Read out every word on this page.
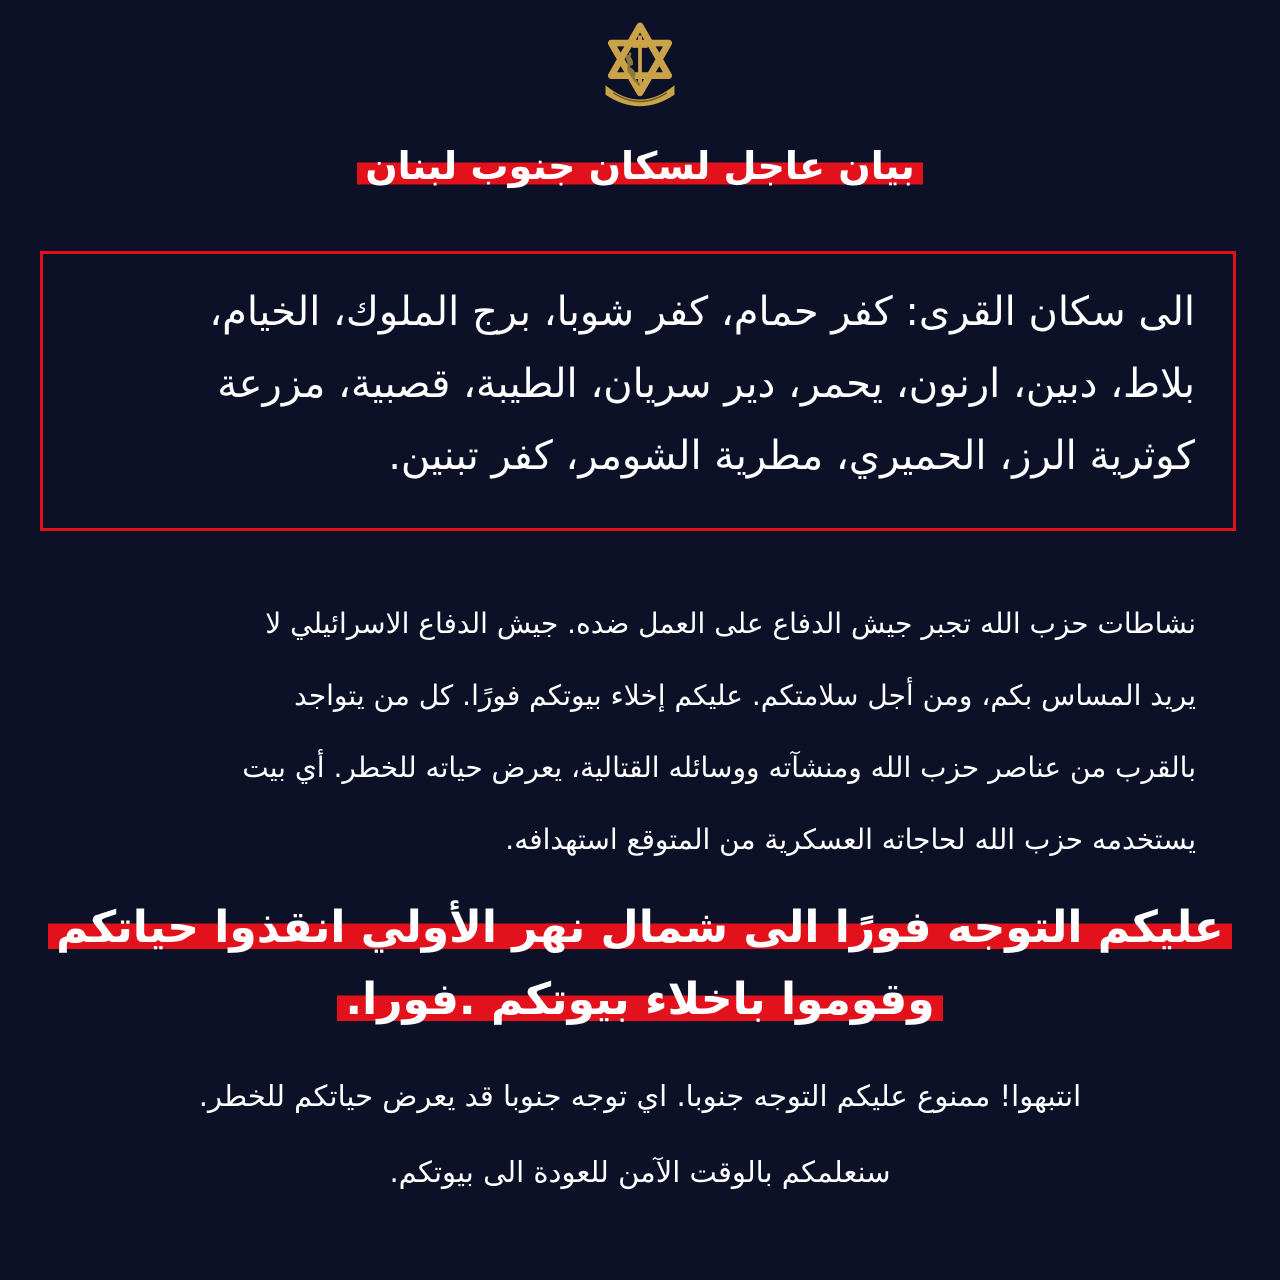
بيان عاجل لسكان جنوب لبنان
الى سكان القرى: كفر حمام، كفر شوبا، برج الملوك، الخيام،
بلاط، دبين، ارنون، يحمر، دير سريان، الطيبة، قصبية، مزرعة
كوثرية الرز، الحميري، مطرية الشومر، كفر تبنين.
نشاطات حزب الله تجبر جيش الدفاع على العمل ضده. جيش الدفاع الاسرائيلي لا
يريد المساس بكم، ومن أجل سلامتكم. عليكم إخلاء بيوتكم فورًا. كل من يتواجد
بالقرب من عناصر حزب الله ومنشآته ووسائله القتالية، يعرض حياته للخطر. أي بيت
يستخدمه حزب الله لحاجاته العسكرية من المتوقع استهدافه.
عليكم التوجه فورًا الى شمال نهر الأولي انقذوا حياتكم
وقوموا باخلاء بيوتكم .فورا.
انتبهوا! ممنوع عليكم التوجه جنوبا. اي توجه جنوبا قد يعرض حياتكم للخطر.
سنعلمكم بالوقت الآمن للعودة الى بيوتكم.
